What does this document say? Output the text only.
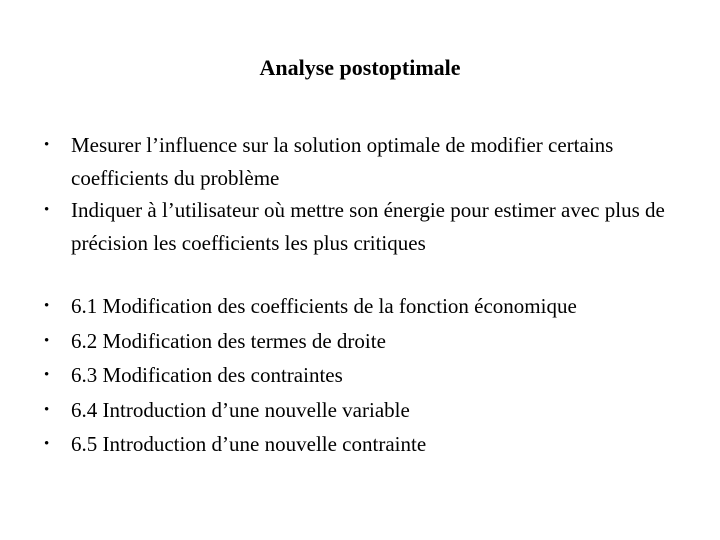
Analyse postoptimale
• Mesurer l’influence sur la solution optimale de modifier certains coefficients du problème
• Indiquer à l’utilisateur où mettre son énergie pour estimer avec plus de précision les coefficients les plus critiques
• 6.1 Modification des coefficients de la fonction économique
• 6.2 Modification des termes de droite
• 6.3 Modification des contraintes
• 6.4 Introduction d’une nouvelle variable
• 6.5 Introduction d’une nouvelle contrainte
